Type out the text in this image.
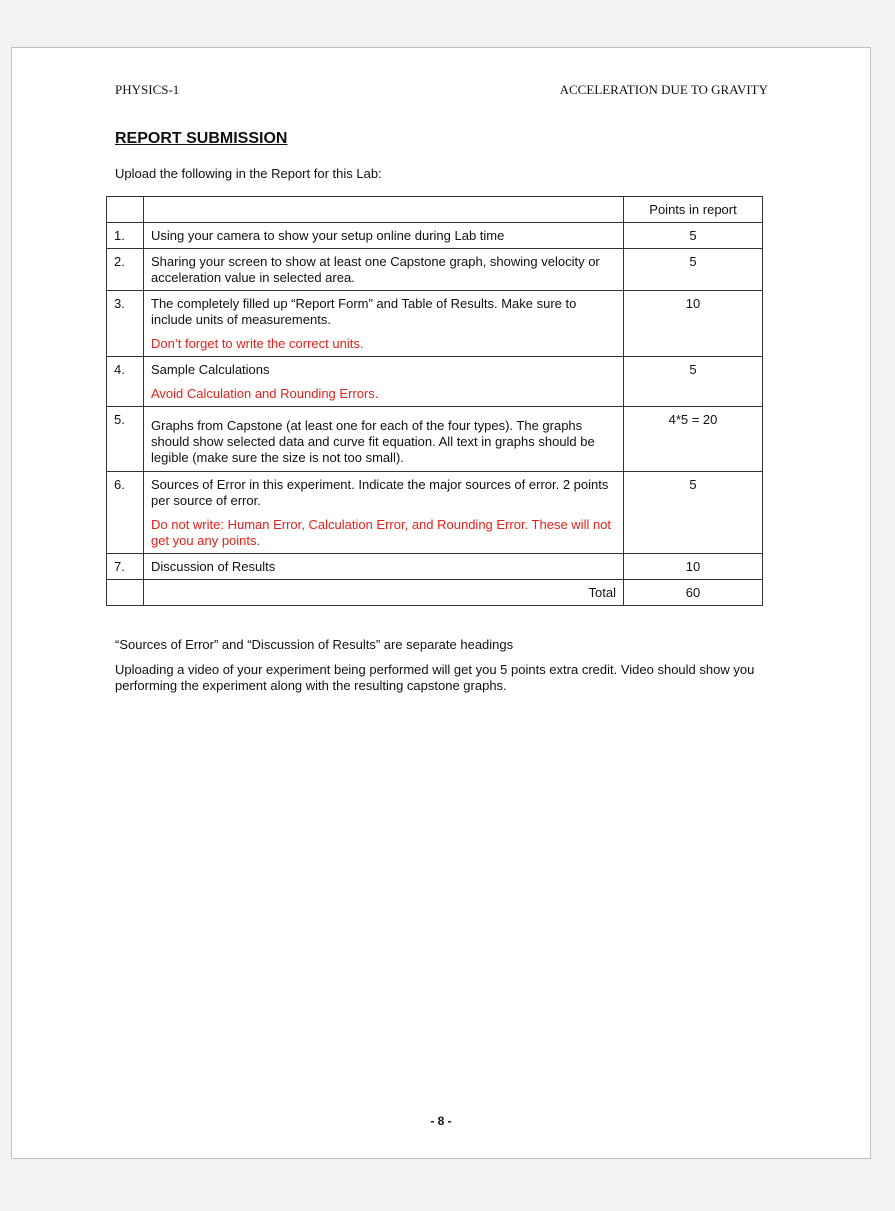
PHYSICS-1	ACCELERATION DUE TO GRAVITY
REPORT SUBMISSION
Upload the following in the Report for this Lab:
		Points in report
1.	Using your camera to show your setup online during Lab time	5
2.	Sharing your screen to show at least one Capstone graph, showing velocity or acceleration value in selected area.	5
3.	The completely filled up “Report Form” and Table of Results. Make sure to include units of measurements.
Don’t forget to write the correct units.	10
4.	Sample Calculations
Avoid Calculation and Rounding Errors.	5
5.	Graphs from Capstone (at least one for each of the four types). The graphs should show selected data and curve fit equation. All text in graphs should be legible (make sure the size is not too small).	4*5 = 20
6.	Sources of Error in this experiment. Indicate the major sources of error. 2 points per source of error.
Do not write: Human Error, Calculation Error, and Rounding Error. These will not get you any points.	5
7.	Discussion of Results	10
	Total	60
“Sources of Error” and “Discussion of Results” are separate headings
Uploading a video of your experiment being performed will get you 5 points extra credit. Video should show you performing the experiment along with the resulting capstone graphs.
- 8 -
